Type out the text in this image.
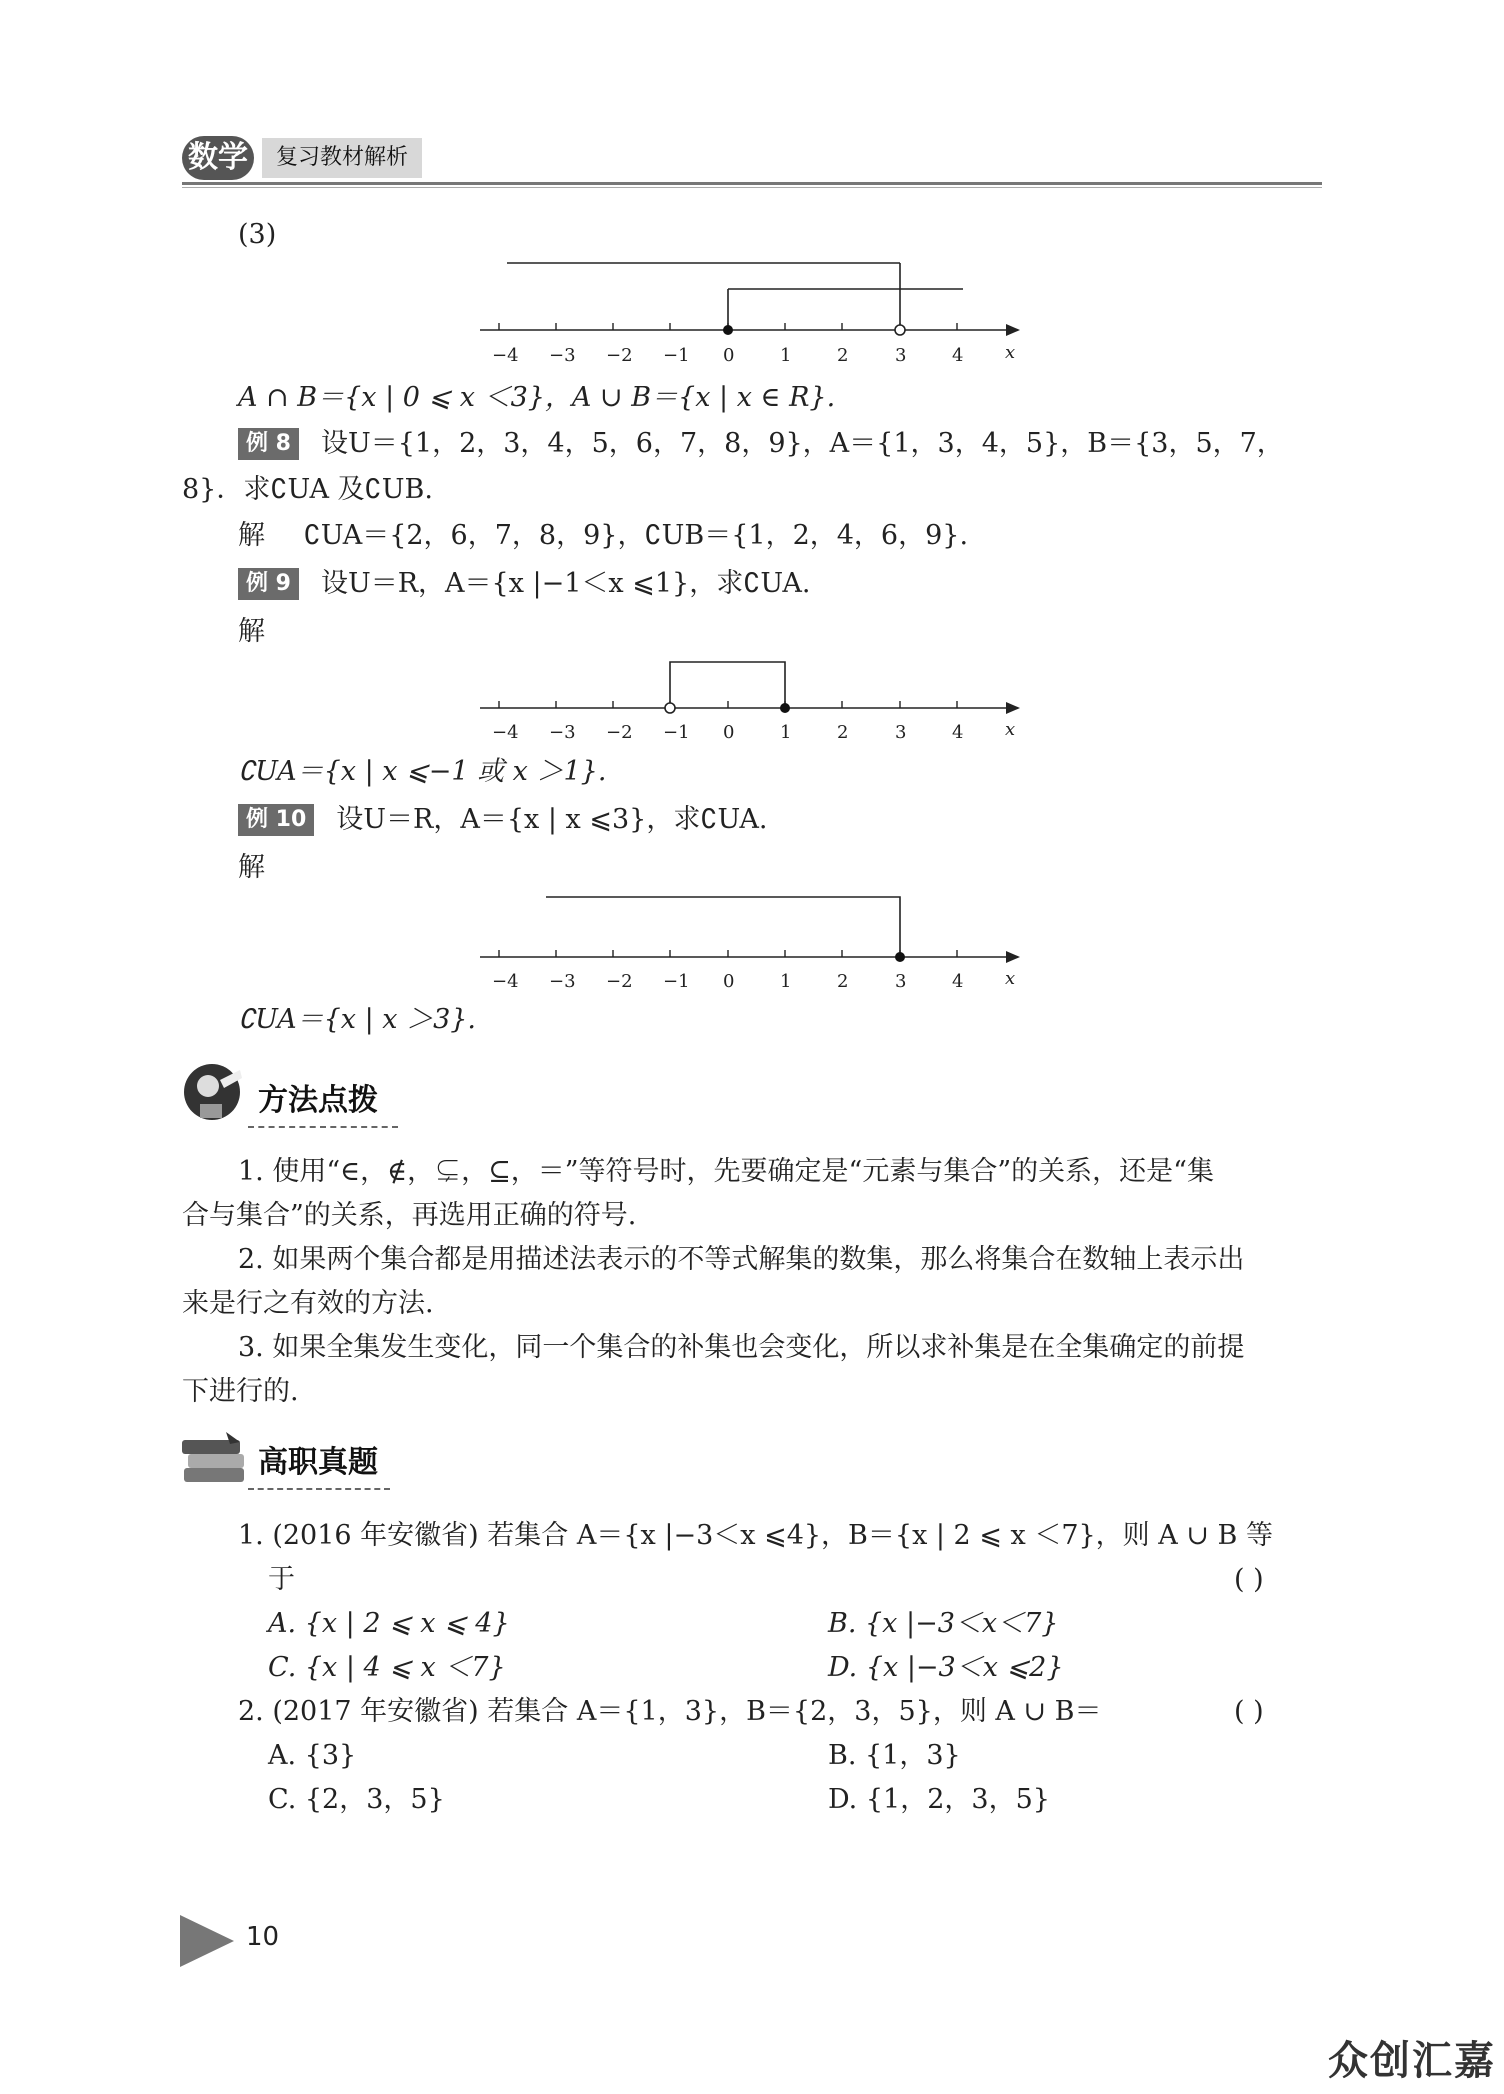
数学	复习教材解析
(3)
−4 −3 −2 −1 0	1	2	3	4 x
A ∩ B＝{x | 0 ⩽ x ＜3}，A ∪ B＝{x | x ∈ R}.
例 8 设U＝{1，2，3，4，5，6，7，8，9}，A＝{1，3，4，5}，B＝{3，5，7，
8}．求∁UA 及∁UB.
解 ∁UA＝{2，6，7，8，9}，∁UB＝{1，2，4，6，9}.
例 9 设U＝R，A＝{x |−1＜x ⩽1}，求∁UA.
解
−4 −3 −2 −1 0	1	2	3	4 x
∁UA＝{x | x ⩽−1 或 x ＞1}.
例 10 设U＝R，A＝{x | x ⩽3}，求∁UA.
解
−4 −3 −2 −1 0	1	2	3	4 x
∁UA＝{x | x ＞3}.
方法点拨
1. 使用“∈，∉，⊊，⊆，＝”等符号时，先要确定是“元素与集合”的关系，还是“集
合与集合”的关系，再选用正确的符号.
2. 如果两个集合都是用描述法表示的不等式解集的数集，那么将集合在数轴上表示出
来是行之有效的方法.
3. 如果全集发生变化，同一个集合的补集也会变化，所以求补集是在全集确定的前提
下进行的.
高职真题
1. (2016 年安徽省) 若集合 A＝{x |−3＜x ⩽4}，B＝{x | 2 ⩽ x ＜7}，则 A ∪ B 等
于	( )
A. {x | 2 ⩽ x ⩽ 4}	B. {x |−3＜x＜7}
C. {x | 4 ⩽ x ＜7}	D. {x |−3＜x ⩽2}
2. (2017 年安徽省) 若集合 A＝{1，3}，B＝{2，3，5}，则 A ∪ B＝	( )
A. {3}	B. {1，3}
C. {2，3，5}	D. {1，2，3，5}
10
众创汇嘉
